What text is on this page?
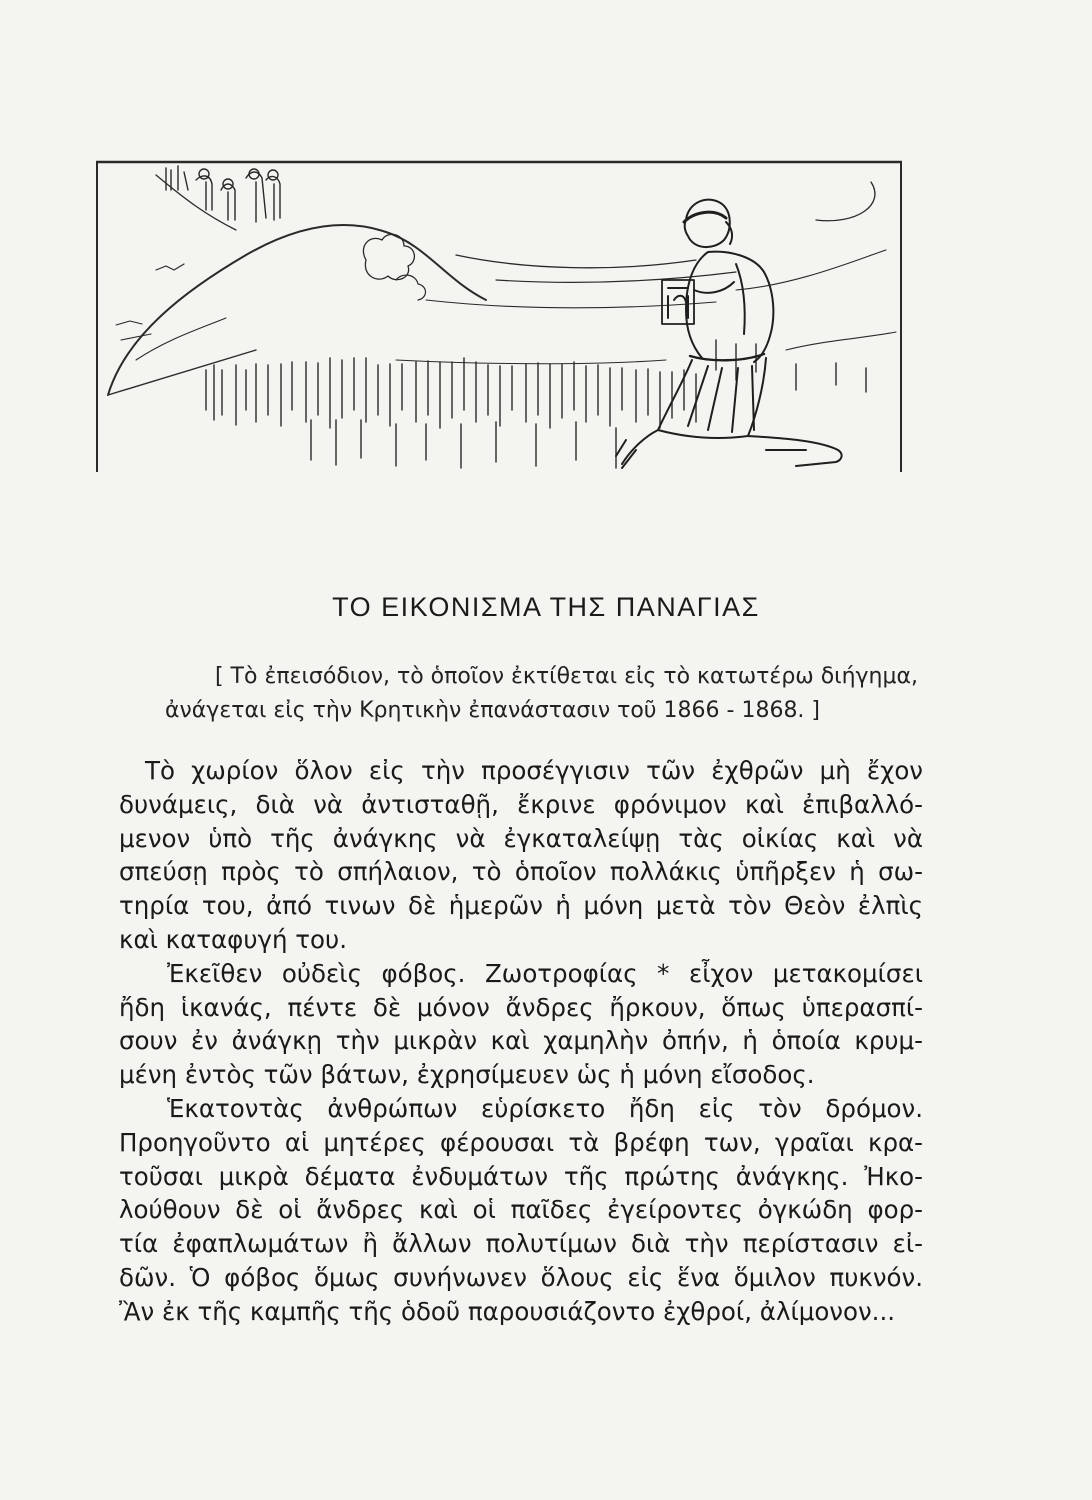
ΤΟ ΕΙΚΟΝΙΣΜΑ ΤΗΣ ΠΑΝΑΓΙΑΣ
[ Τὸ ἐπεισόδιον, τὸ ὁποῖον ἐκτίθεται εἰς τὸ κατωτέρω διήγημα,
ἀνάγεται εἰς τὴν Κρητικὴν ἐπανάστασιν τοῦ 1866 - 1868. ]

Τὸ χωρίον ὅλον εἰς τὴν προσέγγισιν τῶν ἐχθρῶν μὴ ἔχον
δυνάμεις, διὰ νὰ ἀντισταθῇ, ἔκρινε φρόνιμον καὶ ἐπιβαλλό-
μενον ὑπὸ τῆς ἀνάγκης νὰ ἐγκαταλείψῃ τὰς οἰκίας καὶ νὰ
σπεύσῃ πρὸς τὸ σπήλαιον, τὸ ὁποῖον πολλάκις ὑπῆρξεν ἡ σω-
τηρία του, ἀπό τινων δὲ ἡμερῶν ἡ μόνη μετὰ τὸν Θεὸν ἐλπὶς
καὶ καταφυγή του.

Ἐκεῖθεν οὐδεὶς φόβος. Ζωοτροφίας * εἶχον μετακομίσει
ἤδη ἱκανάς, πέντε δὲ μόνον ἄνδρες ἤρκουν, ὅπως ὑπερασπί-
σουν ἐν ἀνάγκῃ τὴν μικρὰν καὶ χαμηλὴν ὀπήν, ἡ ὁποία κρυμ-
μένη ἐντὸς τῶν βάτων, ἐχρησίμευεν ὡς ἡ μόνη εἴσοδος.

Ἑκατοντὰς ἀνθρώπων εὑρίσκετο ἤδη εἰς τὸν δρόμον.
Προηγοῦντο αἱ μητέρες φέρουσαι τὰ βρέφη των, γραῖαι κρα-
τοῦσαι μικρὰ δέματα ἐνδυμάτων τῆς πρώτης ἀνάγκης. Ἠκο-
λούθουν δὲ οἱ ἄνδρες καὶ οἱ παῖδες ἐγείροντες ὀγκώδη φορ-
τία ἐφαπλωμάτων ἢ ἄλλων πολυτίμων διὰ τὴν περίστασιν εἰ-
δῶν. Ὁ φόβος ὅμως συνήνωνεν ὅλους εἰς ἕνα ὅμιλον πυκνόν.
Ἂν ἐκ τῆς καμπῆς τῆς ὁδοῦ παρουσιάζοντο ἐχθροί, ἀλίμονον...
